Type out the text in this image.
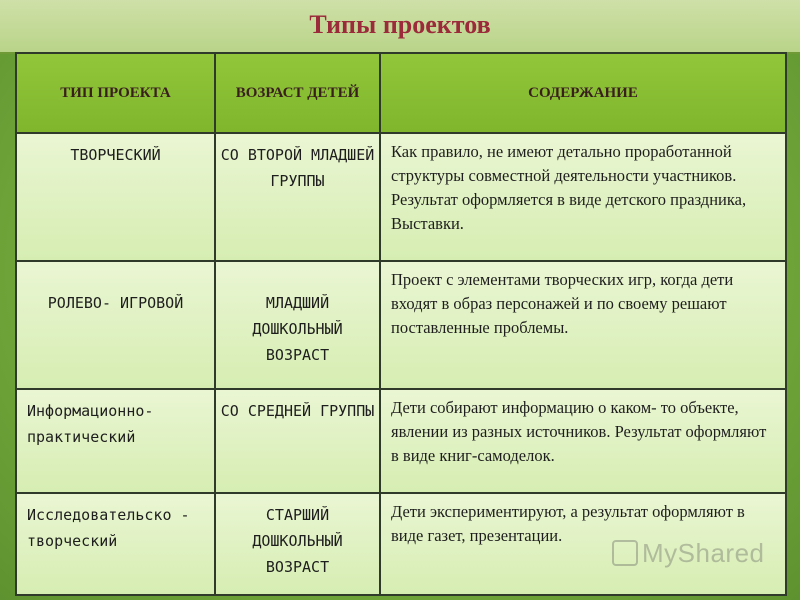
Типы проектов
ТИП ПРОЕКТА	ВОЗРАСТ ДЕТЕЙ	СОДЕРЖАНИЕ
ТВОРЧЕСКИЙ	СО ВТОРОЙ МЛАДШЕЙ ГРУППЫ	Как правило, не имеют детально проработанной структуры совместной деятельности участников. Результат оформляется в виде детского праздника, Выставки.
РОЛЕВО- ИГРОВОЙ	МЛАДШИЙ ДОШКОЛЬНЫЙ ВОЗРАСТ	Проект с элементами творческих игр, когда дети входят в образ персонажей и по своему решают поставленные проблемы.
Информационно- практический	СО СРЕДНЕЙ ГРУППЫ	Дети собирают информацию о каком- то объекте, явлении из разных источников. Результат оформляют в виде книг-самоделок.
Исследовательско - творческий	СТАРШИЙ ДОШКОЛЬНЫЙ ВОЗРАСТ	Дети экспериментируют, а результат оформляют в виде газет, презентации.
MyShared
